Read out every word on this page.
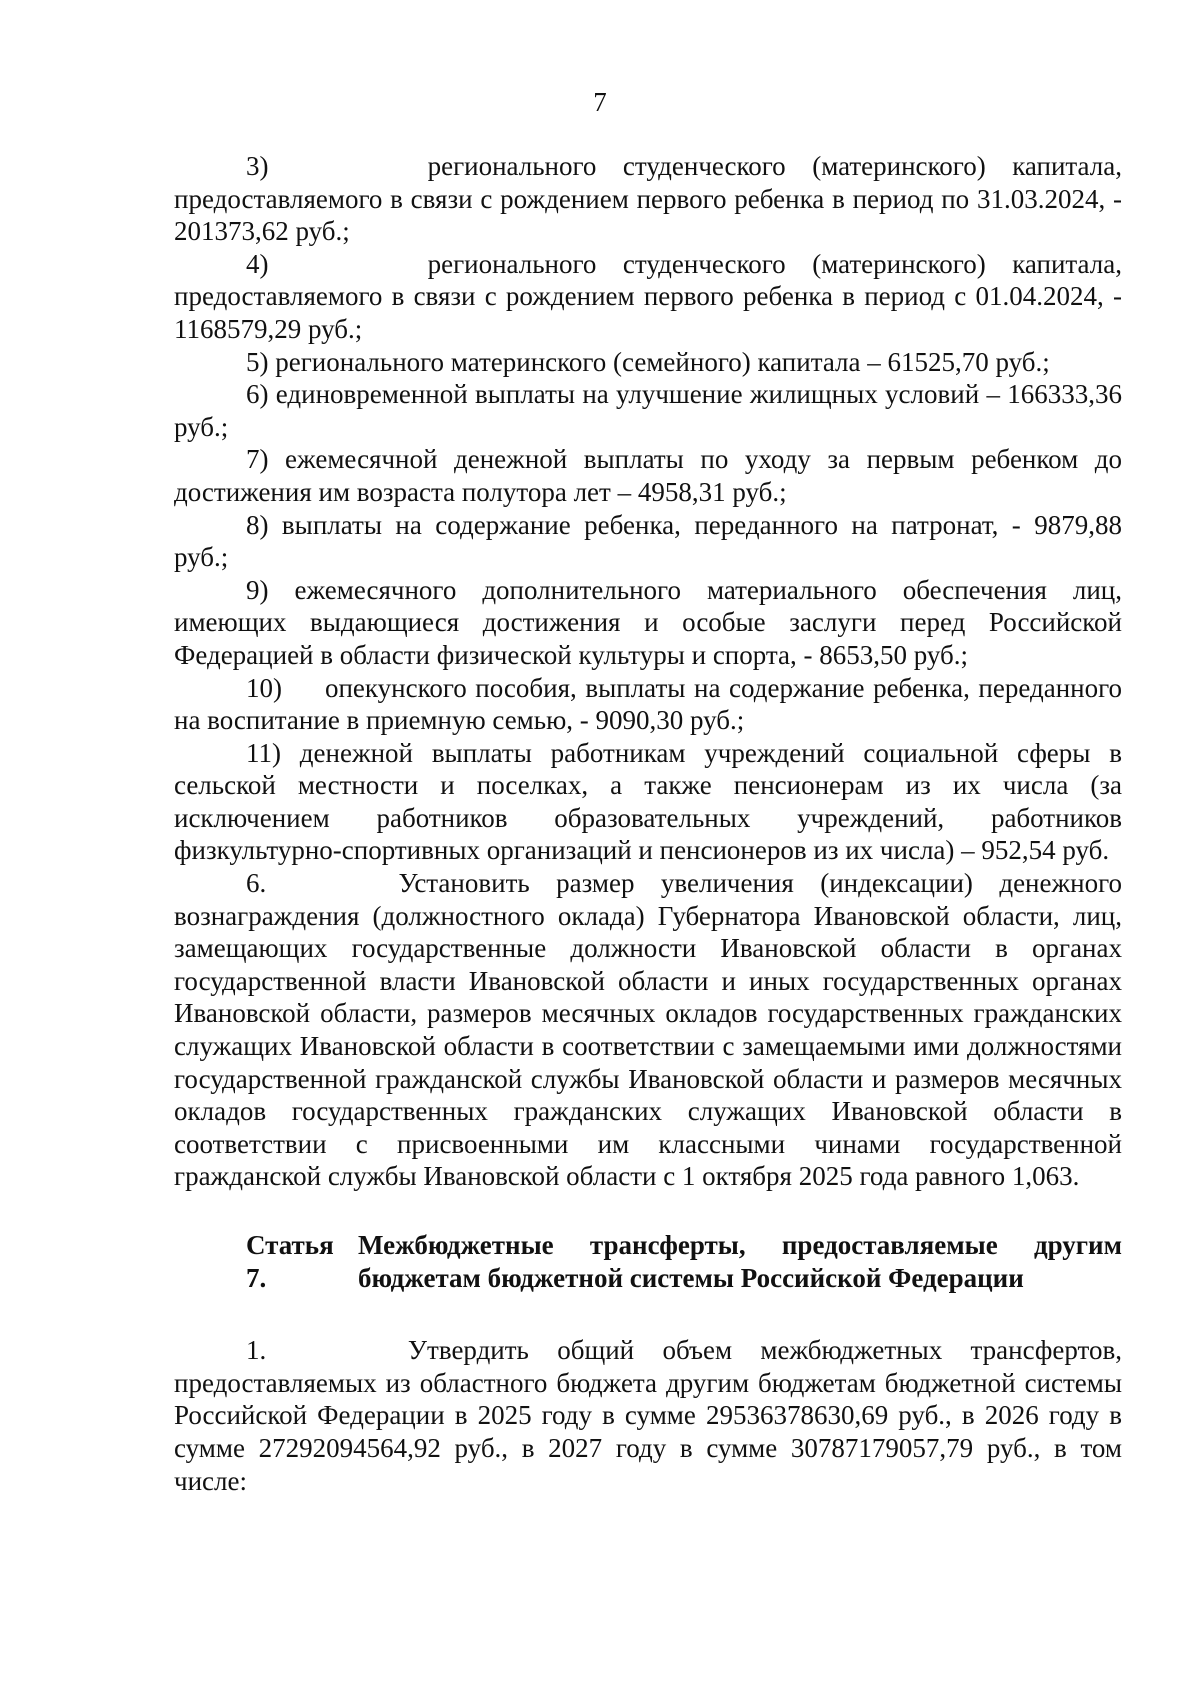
7

3)      регионального студенческого (материнского) капитала, предоставляемого в связи с рождением первого ребенка в период по 31.03.2024, - 201373,62 руб.;

4)      регионального студенческого (материнского) капитала, предоставляемого в связи с рождением первого ребенка в период с 01.04.2024, - 1168579,29 руб.;

5) регионального материнского (семейного) капитала – 61525,70 руб.;

6) единовременной выплаты на улучшение жилищных условий – 166333,36 руб.;

7) ежемесячной денежной выплаты по уходу за первым ребенком до достижения им возраста полутора лет – 4958,31 руб.;

8) выплаты на содержание ребенка, переданного на патронат, - 9879,88 руб.;

9) ежемесячного дополнительного материального обеспечения лиц, имеющих выдающиеся достижения и особые заслуги перед Российской Федерацией в области физической культуры и спорта, - 8653,50 руб.;

10)     опекунского пособия, выплаты на содержание ребенка, переданного на воспитание в приемную семью, - 9090,30 руб.;

11) денежной выплаты работникам учреждений социальной сферы в сельской местности и поселках, а также пенсионерам из их числа (за исключением работников образовательных учреждений, работников физкультурно-спортивных организаций и пенсионеров из их числа) – 952,54 руб.

6.     Установить размер увеличения (индексации) денежного вознаграждения (должностного оклада) Губернатора Ивановской области, лиц, замещающих государственные должности Ивановской области в органах государственной власти Ивановской области и иных государственных органах Ивановской области, размеров месячных окладов государственных гражданских служащих Ивановской области в соответствии с замещаемыми ими должностями государственной гражданской службы Ивановской области и размеров месячных окладов государственных гражданских служащих Ивановской области в соответствии с присвоенными им классными чинами государственной гражданской службы Ивановской области с 1 октября 2025 года равного 1,063.

Статья 7.

Межбюджетные трансферты, предоставляемые другим бюджетам бюджетной системы Российской Федерации

1.     Утвердить общий объем межбюджетных трансфертов, предоставляемых из областного бюджета другим бюджетам бюджетной системы Российской Федерации в 2025 году в сумме 29536378630,69 руб., в 2026 году в сумме 27292094564,92 руб., в 2027 году в сумме 30787179057,79 руб., в том числе:
